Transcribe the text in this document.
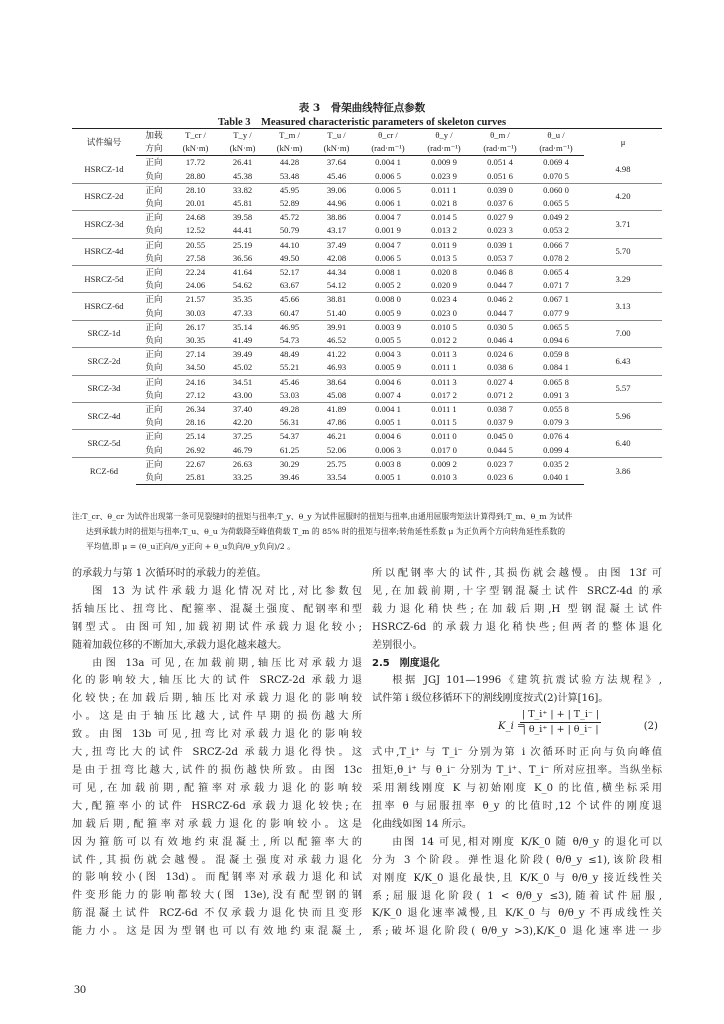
表 3　骨架曲线特征点参数
Table 3　Measured characteristic parameters of skeleton curves
试件编号	加载	T_cr /	T_y /	T_m /	T_u /	θ_cr /	θ_y /	θ_m /	θ_u /	μ
	方向	(kN·m)	(kN·m)	(kN·m)	(kN·m)	(rad·m⁻¹)	(rad·m⁻¹)	(rad·m⁻¹)	(rad·m⁻¹)	
HSRCZ-1d	正向	17.72	26.41	44.28	37.64	0.004 1	0.009 9	0.051 4	0.069 4	4.98
	负向	28.80	45.38	53.48	45.46	0.006 5	0.023 9	0.051 6	0.070 5	
HSRCZ-2d	正向	28.10	33.82	45.95	39.06	0.006 5	0.011 1	0.039 0	0.060 0	4.20
	负向	20.01	45.81	52.89	44.96	0.006 1	0.021 8	0.037 6	0.065 5	
HSRCZ-3d	正向	24.68	39.58	45.72	38.86	0.004 7	0.014 5	0.027 9	0.049 2	3.71
	负向	12.52	44.41	50.79	43.17	0.001 9	0.013 2	0.023 3	0.053 2	
HSRCZ-4d	正向	20.55	25.19	44.10	37.49	0.004 7	0.011 9	0.039 1	0.066 7	5.70
	负向	27.58	36.56	49.50	42.08	0.006 5	0.013 5	0.053 7	0.078 2	
HSRCZ-5d	正向	22.24	41.64	52.17	44.34	0.008 1	0.020 8	0.046 8	0.065 4	3.29
	负向	24.06	54.62	63.67	54.12	0.005 2	0.020 9	0.044 7	0.071 7	
HSRCZ-6d	正向	21.57	35.35	45.66	38.81	0.008 0	0.023 4	0.046 2	0.067 1	3.13
	负向	30.03	47.33	60.47	51.40	0.005 9	0.023 0	0.044 7	0.077 9	
SRCZ-1d	正向	26.17	35.14	46.95	39.91	0.003 9	0.010 5	0.030 5	0.065 5	7.00
	负向	30.35	41.49	54.73	46.52	0.005 5	0.012 2	0.046 4	0.094 6	
SRCZ-2d	正向	27.14	39.49	48.49	41.22	0.004 3	0.011 3	0.024 6	0.059 8	6.43
	负向	34.50	45.02	55.21	46.93	0.005 9	0.011 1	0.038 6	0.084 1	
SRCZ-3d	正向	24.16	34.51	45.46	38.64	0.004 6	0.011 3	0.027 4	0.065 8	5.57
	负向	27.12	43.00	53.03	45.08	0.007 4	0.017 2	0.071 2	0.091 3	
SRCZ-4d	正向	26.34	37.40	49.28	41.89	0.004 1	0.011 1	0.038 7	0.055 8	5.96
	负向	28.16	42.20	56.31	47.86	0.005 1	0.011 5	0.037 9	0.079 3	
SRCZ-5d	正向	25.14	37.25	54.37	46.21	0.004 6	0.011 0	0.045 0	0.076 4	6.40
	负向	26.92	46.79	61.25	52.06	0.006 3	0.017 0	0.044 5	0.099 4	
RCZ-6d	正向	22.67	26.63	30.29	25.75	0.003 8	0.009 2	0.023 7	0.035 2	3.86
	负向	25.81	33.25	39.46	33.54	0.005 1	0.010 3	0.023 6	0.040 1	
注:T_cr、θ_cr 为试件出现第一条可见裂缝时的扭矩与扭率;T_y、θ_y 为试件屈服时的扭矩与扭率,由通用屈服弯矩法计算得到;T_m、θ_m 为试件
达到承载力时的扭矩与扭率;T_u、θ_u 为荷载降至峰值荷载 T_m 的 85% 时的扭矩与扭率;转角延性系数 μ 为正负两个方向转角延性系数的
平均值,即 μ = (θ_u正向/θ_y正向 + θ_u负向/θ_y负向)/2 。

的承载力与第 1 次循环时的承载力的差值。

图 13 为试件承载力退化情况对比,对比参数包

括轴压比、扭弯比、配箍率、混凝土强度、配钢率和型

钢型式。由图可知,加载初期试件承载力退化较小;

随着加载位移的不断加大,承载力退化越来越大。

由图 13a 可见,在加载前期,轴压比对承载力退

化的影响较大,轴压比大的试件 SRCZ-2d 承载力退

化较快;在加载后期,轴压比对承载力退化的影响较

小。这是由于轴压比越大,试件早期的损伤越大所

致。由图 13b 可见,扭弯比对承载力退化的影响较

大,扭弯比大的试件 SRCZ-2d 承载力退化得快。这

是由于扭弯比越大,试件的损伤越快所致。由图 13c

可见,在加载前期,配箍率对承载力退化的影响较

大,配箍率小的试件 HSRCZ-6d 承载力退化较快;在

加载后期,配箍率对承载力退化的影响较小。这是

因为箍筋可以有效地约束混凝土,所以配箍率大的

试件,其损伤就会越慢。混凝土强度对承载力退化

的影响较小(图 13d)。而配钢率对承载力退化和试

件变形能力的影响都较大(图 13e),没有配型钢的钢

筋混凝土试件 RCZ-6d 不仅承载力退化快而且变形

能力小。这是因为型钢也可以有效地约束混凝土,

所以配钢率大的试件,其损伤就会越慢。由图 13f 可

见,在加载前期,十字型钢混凝土试件 SRCZ-4d 的承

载力退化稍快些;在加载后期,H 型钢混凝土试件

HSRCZ-6d 的承载力退化稍快些;但两者的整体退化

差别很小。

2.5　刚度退化

根据 JGJ 101—1996《建筑抗震试验方法规程》,

试件第 i 级位移循环下的割线刚度按式(2)计算[16]。

K_i =
$\frac{| T\_i^+ | + | T\_i^- |}{| \theta\_i^+ | + | \theta\_i^- |}$	(2)

式中,T_i⁺ 与 T_i⁻ 分别为第 i 次循环时正向与负向峰值

扭矩,θ_i⁺ 与 θ_i⁻ 分别为 T_i⁺、T_i⁻ 所对应扭率。当纵坐标

采用割线刚度 K 与初始刚度 K_0 的比值,横坐标采用

扭率 θ 与屈服扭率 θ_y 的比值时,12 个试件的刚度退

化曲线如图 14 所示。

由图 14 可见,相对刚度 K/K_0 随 θ/θ_y 的退化可以

分为 3 个阶段。弹性退化阶段( θ/θ_y ≤1),该阶段相

对刚度 K/K_0 退化最快,且 K/K_0 与 θ/θ_y 接近线性关

系;屈服退化阶段( 1 < θ/θ_y ≤3),随着试件屈服,

K/K_0 退化速率减慢,且 K/K_0 与 θ/θ_y 不再成线性关

系;破坏退化阶段( θ/θ_y >3),K/K_0 退化速率进一步

30
